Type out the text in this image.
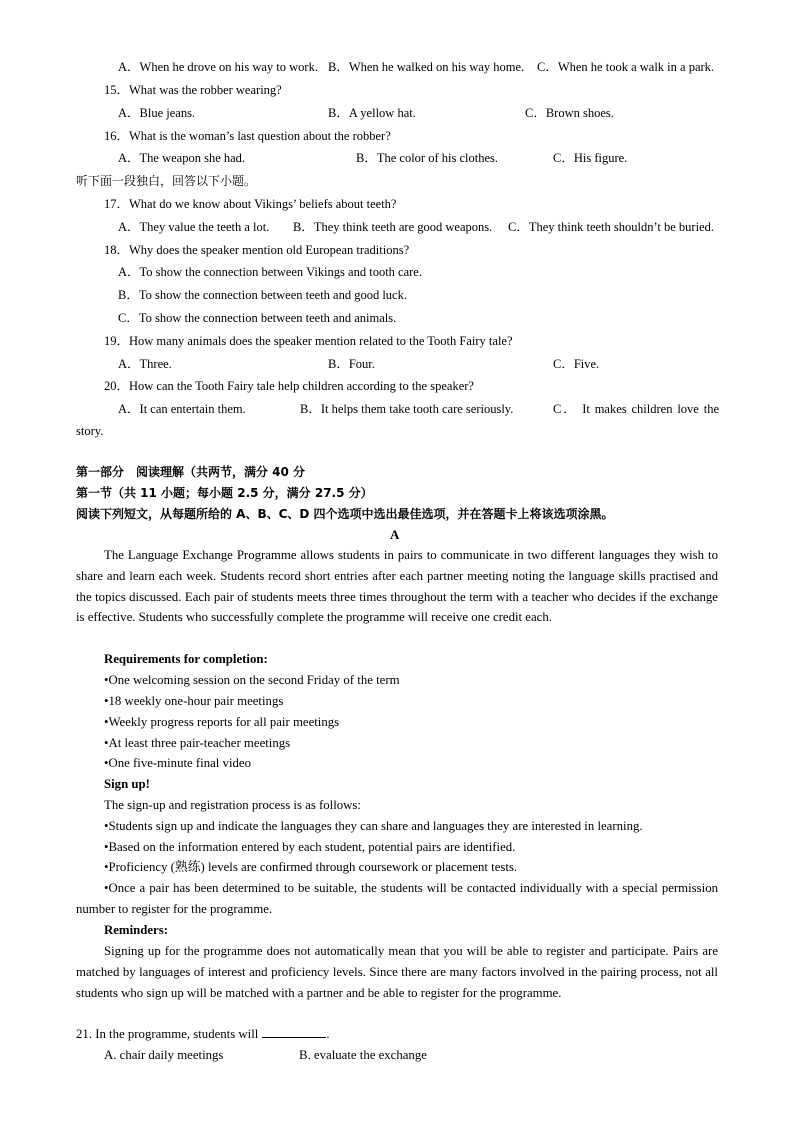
A．When he drove on his way to work. B．When he walked on his way home. C．When he took a walk in a park.
15．What was the robber wearing?
A．Blue jeans.	B．A yellow hat.	C．Brown shoes.
16．What is the woman’s last question about the robber?
A．The weapon she had.	B．The color of his clothes.	C．His figure.
听下面一段独白，回答以下小题。
17．What do we know about Vikings’ beliefs about teeth?
A．They value the teeth a lot. B．They think teeth are good weapons. C．They think teeth shouldn’t be buried.
18．Why does the speaker mention old European traditions?
A．To show the connection between Vikings and tooth care.
B．To show the connection between teeth and good luck.
C．To show the connection between teeth and animals.
19．How many animals does the speaker mention related to the Tooth Fairy tale?
A．Three.	B．Four.	C．Five.
20．How can the Tooth Fairy tale help children according to the speaker?
A．It can entertain them.	B．It helps them take tooth care seriously.	C． It makes children love the
story.
第一部分　阅读理解（共两节，满分 40 分
第一节（共 11 小题；每小题 2.5 分，满分 27.5 分）
阅读下列短文，从每题所给的 A、B、C、D 四个选项中选出最佳选项，并在答题卡上将该选项涂黑。
A
The Language Exchange Programme allows students in pairs to communicate in two different languages they wish to share and learn each week. Students record short entries after each partner meeting noting the language skills practised and the topics discussed. Each pair of students meets three times throughout the term with a teacher who decides if the exchange is effective. Students who successfully complete the programme will receive one credit each.
Requirements for completion:
•One welcoming session on the second Friday of the term
•18 weekly one-hour pair meetings
•Weekly progress reports for all pair meetings
•At least three pair-teacher meetings
•One five-minute final video
Sign up!
The sign-up and registration process is as follows:
•Students sign up and indicate the languages they can share and languages they are interested in learning.
•Based on the information entered by each student, potential pairs are identified.
•Proficiency (熟练) levels are confirmed through coursework or placement tests.
•Once a pair has been determined to be suitable, the students will be contacted individually with a special permission number to register for the programme.
Reminders:
Signing up for the programme does not automatically mean that you will be able to register and participate. Pairs are matched by languages of interest and proficiency levels. Since there are many factors involved in the pairing process, not all students who sign up will be matched with a partner and be able to register for the programme.
21. In the programme, students will	.
A. chair daily meetings	B. evaluate the exchange
